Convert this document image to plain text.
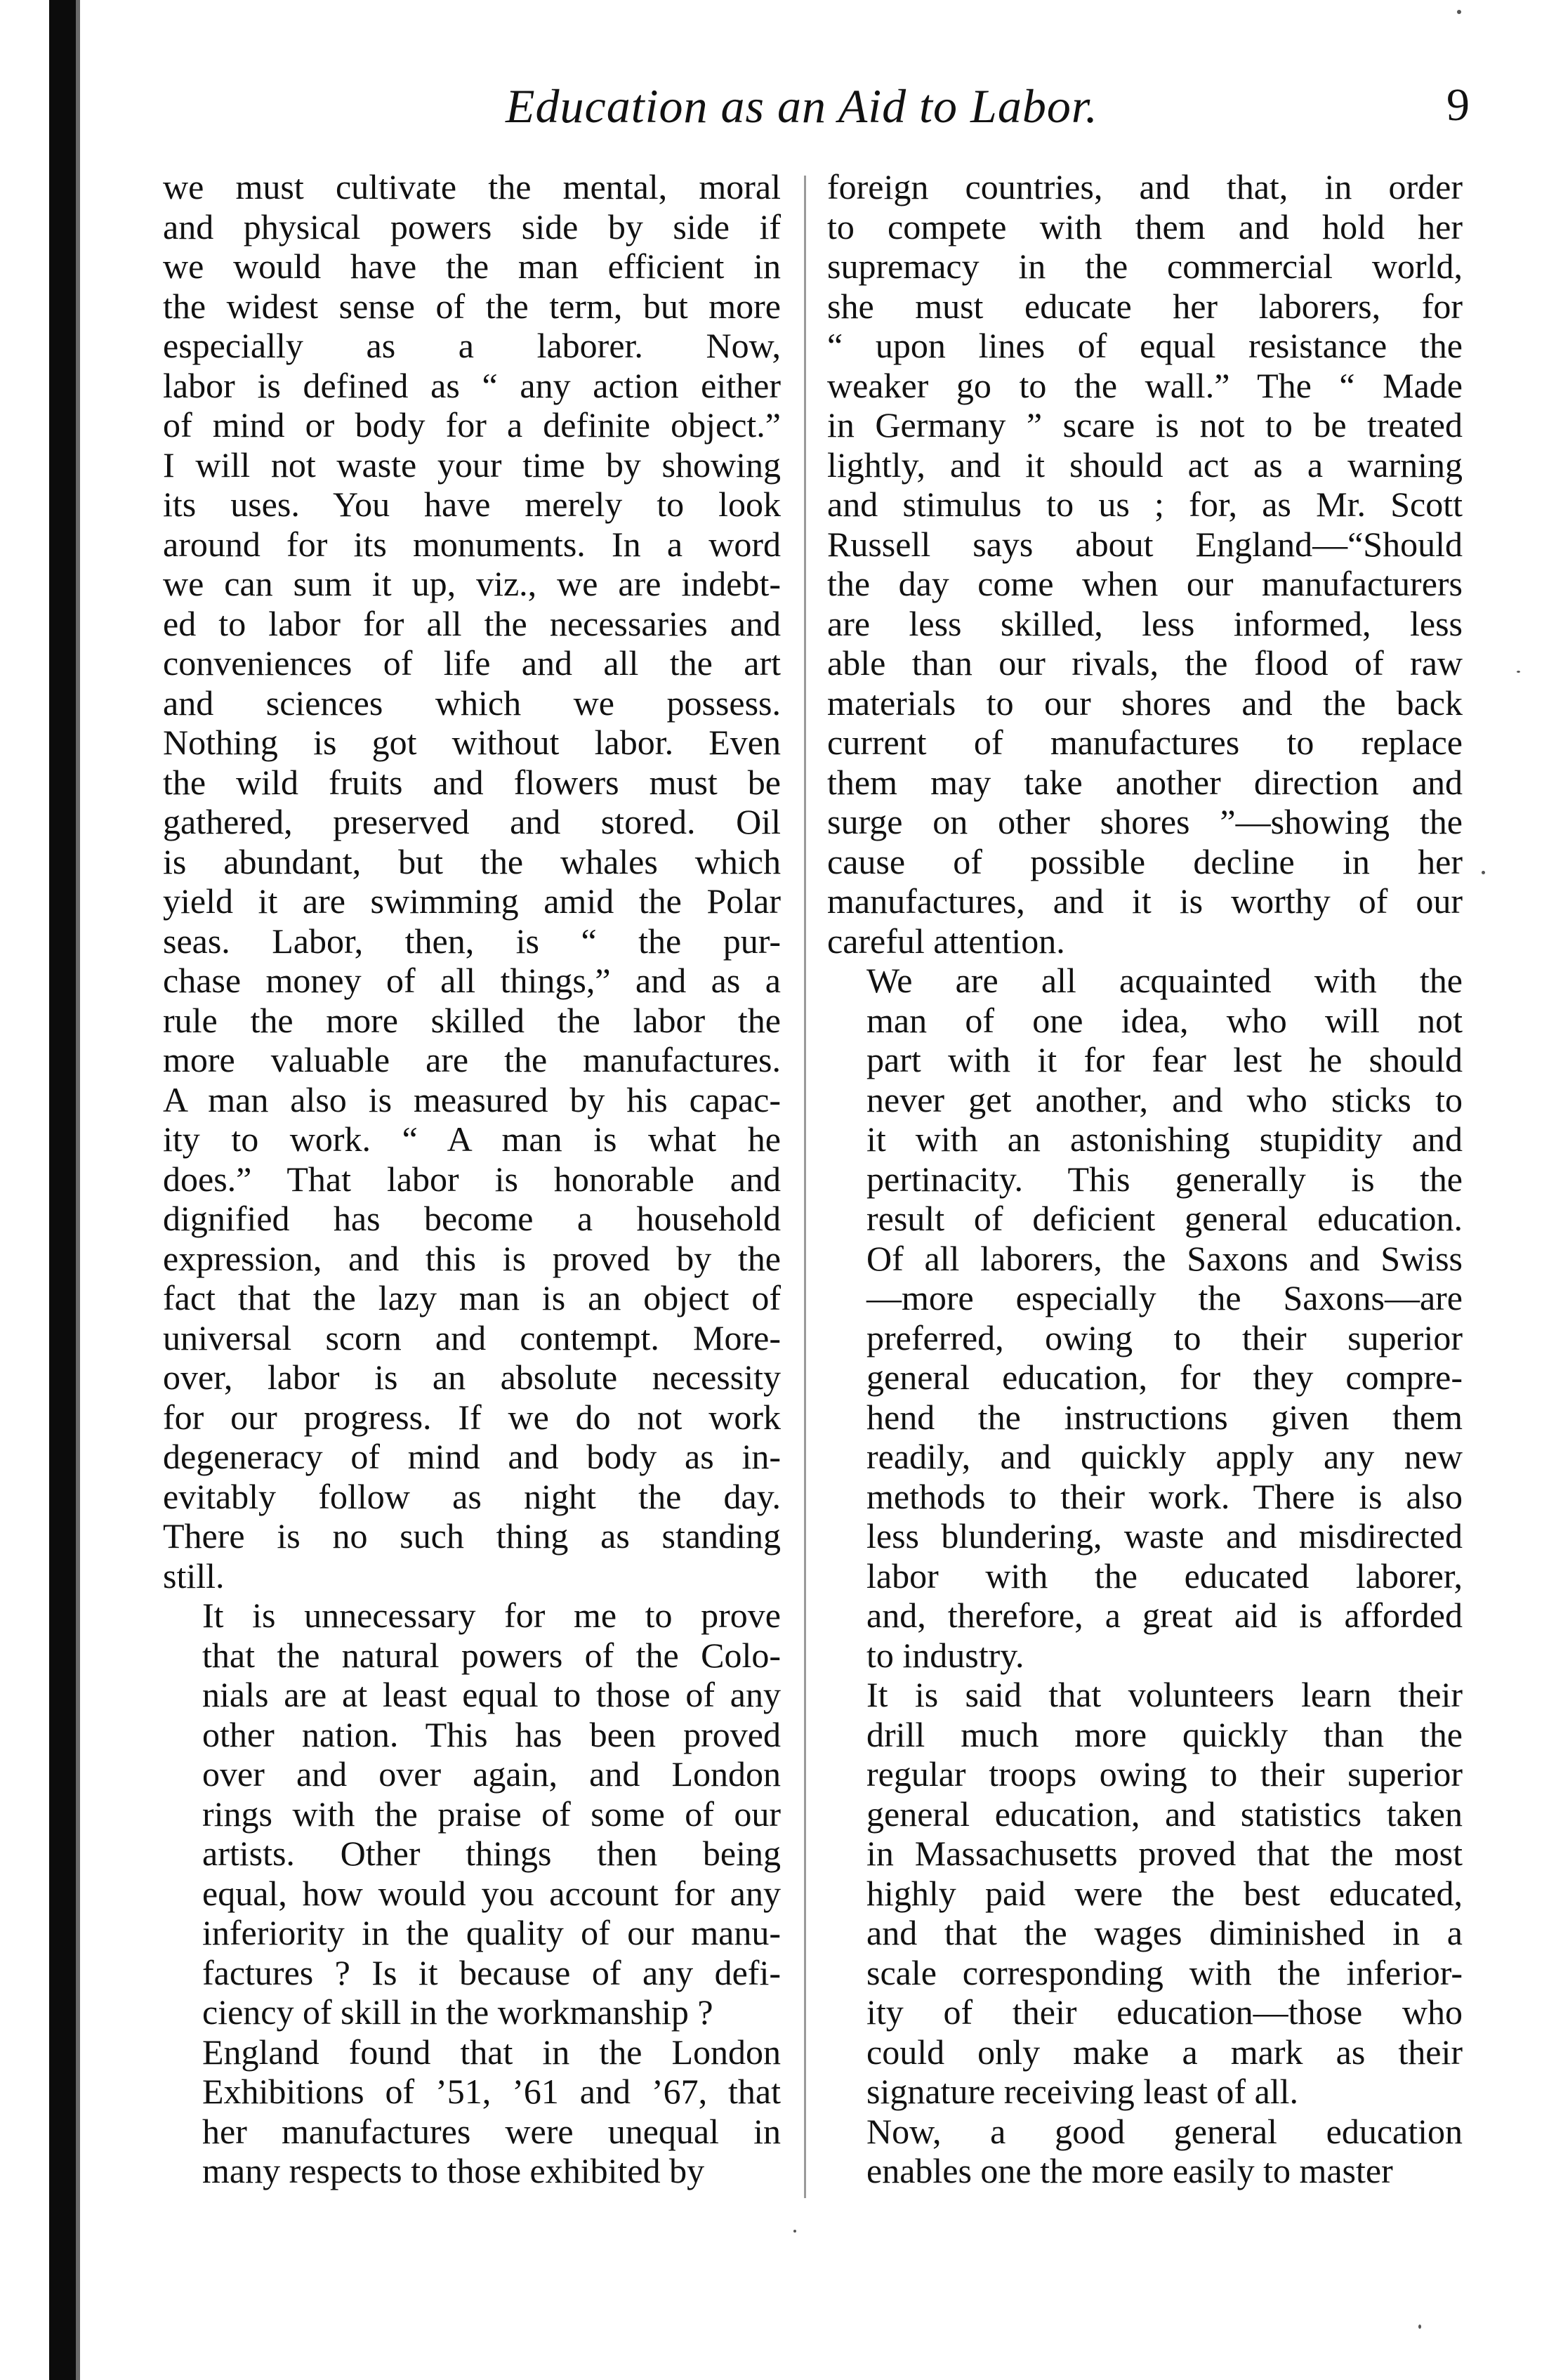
Education as an Aid to Labor.	9
we must cultivate the mental, moral
and physical powers side by side if
we would have the man efficient in
the widest sense of the term, but more
especially as a laborer. Now,
labor is defined as “ any action either
of mind or body for a definite object.”
I will not waste your time by showing
its uses. You have merely to look
around for its monuments. In a word
we can sum it up, viz., we are indebt-
ed to labor for all the necessaries and
conveniences of life and all the art
and sciences which we possess.
Nothing is got without labor. Even
the wild fruits and flowers must be
gathered, preserved and stored. Oil
is abundant, but the whales which
yield it are swimming amid the Polar
seas. Labor, then, is “ the pur-
chase money of all things,” and as a
rule the more skilled the labor the
more valuable are the manufactures.
A man also is measured by his capac-
ity to work. “ A man is what he
does.” That labor is honorable and
dignified has become a household
expression, and this is proved by the
fact that the lazy man is an object of
universal scorn and contempt. More-
over, labor is an absolute necessity
for our progress. If we do not work
degeneracy of mind and body as in-
evitably follow as night the day.
There is no such thing as standing
still.
It is unnecessary for me to prove
that the natural powers of the Colo-
nials are at least equal to those of any
other nation. This has been proved
over and over again, and London
rings with the praise of some of our
artists. Other things then being
equal, how would you account for any
inferiority in the quality of our manu-
factures ? Is it because of any defi-
ciency of skill in the workmanship ?
England found that in the London
Exhibitions of ’51, ’61 and ’67, that
her manufactures were unequal in
many respects to those exhibited by
foreign countries, and that, in order
to compete with them and hold her
supremacy in the commercial world,
she must educate her laborers, for
“ upon lines of equal resistance the
weaker go to the wall.” The “ Made
in Germany ” scare is not to be treated
lightly, and it should act as a warning
and stimulus to us ; for, as Mr. Scott
Russell says about England—“Should
the day come when our manufacturers
are less skilled, less informed, less
able than our rivals, the flood of raw
materials to our shores and the back
current of manufactures to replace
them may take another direction and
surge on other shores ”—showing the
cause of possible decline in her
manufactures, and it is worthy of our
careful attention.
We are all acquainted with the
man of one idea, who will not
part with it for fear lest he should
never get another, and who sticks to
it with an astonishing stupidity and
pertinacity. This generally is the
result of deficient general education.
Of all laborers, the Saxons and Swiss
—more especially the Saxons—are
preferred, owing to their superior
general education, for they compre-
hend the instructions given them
readily, and quickly apply any new
methods to their work. There is also
less blundering, waste and misdirected
labor with the educated laborer,
and, therefore, a great aid is afforded
to industry.
It is said that volunteers learn their
drill much more quickly than the
regular troops owing to their superior
general education, and statistics taken
in Massachusetts proved that the most
highly paid were the best educated,
and that the wages diminished in a
scale corresponding with the inferior-
ity of their education—those who
could only make a mark as their
signature receiving least of all.
Now, a good general education
enables one the more easily to master
